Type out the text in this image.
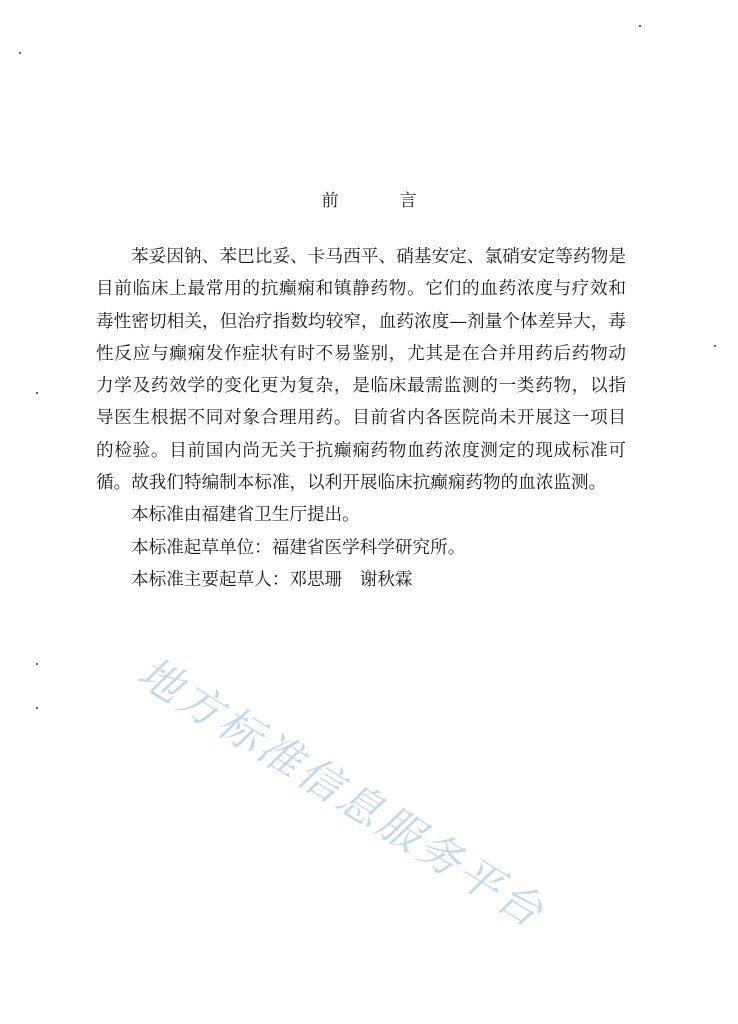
前　言
苯妥因钠、苯巴比妥、卡马西平、硝基安定、氯硝安定等药物是
目前临床上最常用的抗癫痫和镇静药物。它们的血药浓度与疗效和
毒性密切相关，但治疗指数均较窄，血药浓度—剂量个体差异大，毒
性反应与癫痫发作症状有时不易鉴别，尤其是在合并用药后药物动
力学及药效学的变化更为复杂，是临床最需监测的一类药物，以指
导医生根据不同对象合理用药。目前省内各医院尚未开展这一项目
的检验。目前国内尚无关于抗癫痫药物血药浓度测定的现成标准可
循。故我们特编制本标准，以利开展临床抗癫痫药物的血浓监测。

本标准由福建省卫生厅提出。

本标准起草单位：福建省医学科学研究所。

本标准主要起草人：邓思珊　谢秋霖

地方标准信息服务平台
